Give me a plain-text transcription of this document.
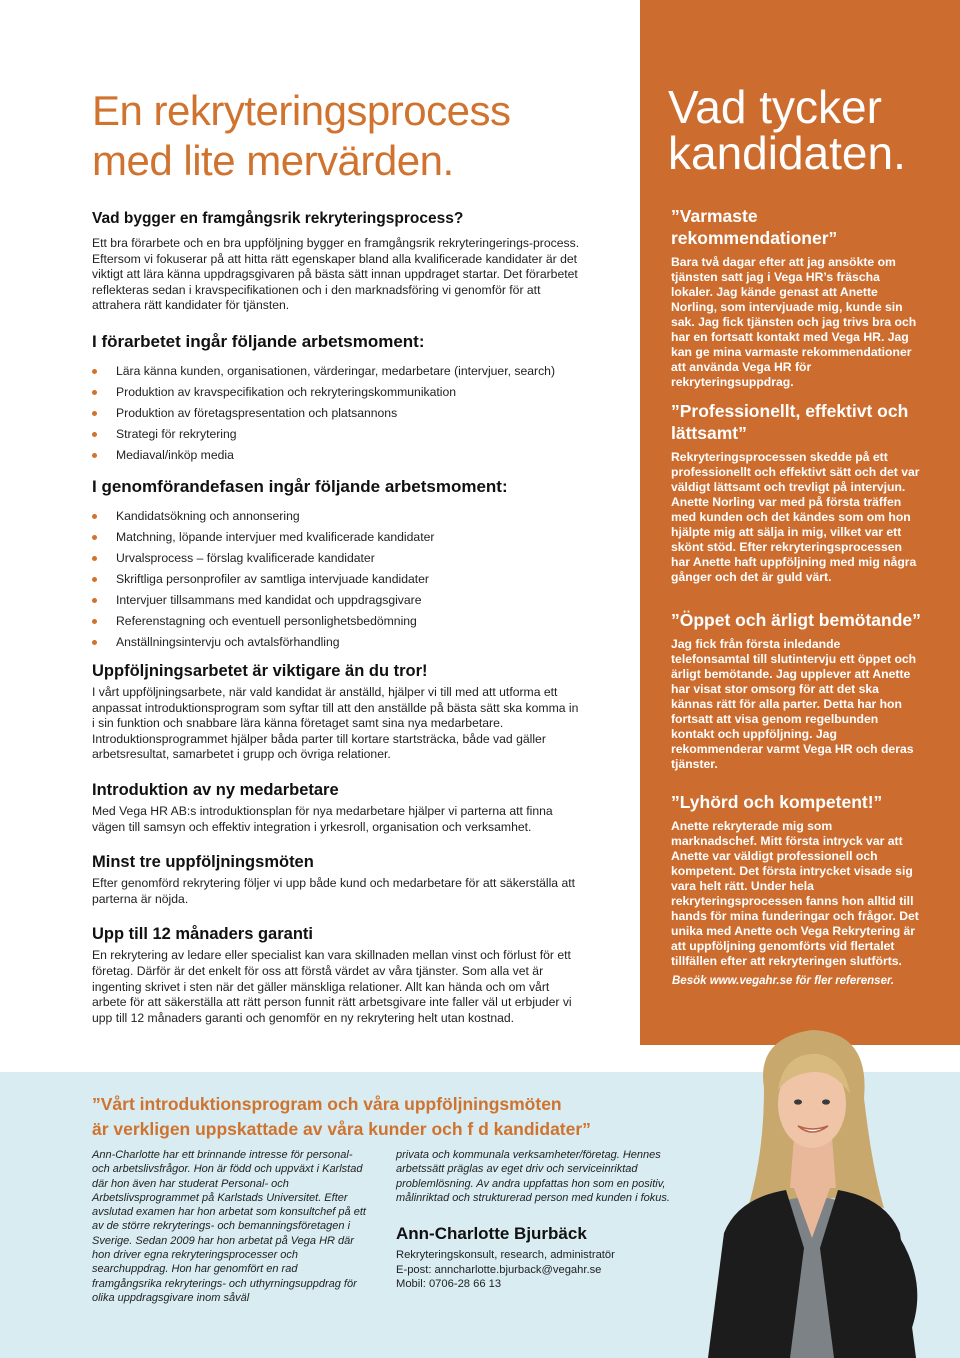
En rekryteringsprocess
med lite mervärden.
Vad bygger en framgångsrik rekryteringsprocess?

Ett bra förarbete och en bra uppföljning bygger en framgångsrik rekryteringerings-process. Eftersom vi fokuserar på att hitta rätt egenskaper bland alla kvalificerade kandidater är det viktigt att lära känna uppdragsgivaren på bästa sätt innan uppdraget startar. Det förarbetet reflekteras sedan i kravspecifikationen och i den marknadsföring vi genomför för att attrahera rätt kandidater för tjänsten.

I förarbetet ingår följande arbetsmoment:
Lära känna kunden, organisationen, värderingar, medarbetare (intervjuer, search)
Produktion av kravspecifikation och rekryteringskommunikation
Produktion av företagspresentation och platsannons
Strategi för rekrytering
Mediaval/inköp media
I genomförandefasen ingår följande arbetsmoment:
Kandidatsökning och annonsering
Matchning, löpande intervjuer med kvalificerade kandidater
Urvalsprocess – förslag kvalificerade kandidater
Skriftliga personprofiler av samtliga intervjuade kandidater
Intervjuer tillsammans med kandidat och uppdragsgivare
Referenstagning och eventuell personlighetsbedömning
Anställningsintervju och avtalsförhandling
Uppföljningsarbetet är viktigare än du tror!

I vårt uppföljningsarbete, när vald kandidat är anställd, hjälper vi till med att utforma ett anpassat introduktionsprogram som syftar till att den anställde på bästa sätt ska komma in i sin funktion och snabbare lära känna företaget samt sina nya medarbetare. Introduktionsprogrammet hjälper båda parter till kortare startsträcka, både vad gäller arbetsresultat, samarbetet i grupp och övriga relationer.

Introduktion av ny medarbetare

Med Vega HR AB:s introduktionsplan för nya medarbetare hjälper vi parterna att finna vägen till samsyn och effektiv integration i yrkesroll, organisation och verksamhet.

Minst tre uppföljningsmöten

Efter genomförd rekrytering följer vi upp både kund och medarbetare för att säkerställa att parterna är nöjda.

Upp till 12 månaders garanti

En rekrytering av ledare eller specialist kan vara skillnaden mellan vinst och förlust för ett företag. Därför är det enkelt för oss att förstå värdet av våra tjänster. Som alla vet är ingenting skrivet i sten när det gäller mänskliga relationer. Allt kan hända och om vårt arbete för att säkerställa att rätt person funnit rätt arbetsgivare inte faller väl ut erbjuder vi upp till 12 månaders garanti och genomför en ny rekrytering helt utan kostnad.

Vad tycker
kandidaten.
”Varmaste rekommendationer”

Bara två dagar efter att jag ansökte om tjänsten satt jag i Vega HR’s fräscha lokaler. Jag kände genast att Anette Norling, som intervjuade mig, kunde sin sak. Jag fick tjänsten och jag trivs bra och har en fortsatt kontakt med Vega HR. Jag kan ge mina varmaste rekommendationer att använda Vega HR för rekryteringsuppdrag.

”Professionellt, effektivt och lättsamt”

Rekryteringsprocessen skedde på ett professionellt och effektivt sätt och det var väldigt lättsamt och trevligt på intervjun. Anette Norling var med på första träffen med kunden och det kändes som om hon hjälpte mig att sälja in mig, vilket var ett skönt stöd. Efter rekryteringsprocessen har Anette haft uppföljning med mig några gånger och det är guld värt.

”Öppet och ärligt bemötande”

Jag fick från första inledande telefonsamtal till slutintervju ett öppet och ärligt bemötande. Jag upplever att Anette har visat stor omsorg för att det ska kännas rätt för alla parter. Detta har hon fortsatt att visa genom regelbunden kontakt och uppföljning. Jag rekommenderar varmt Vega HR och deras tjänster.

”Lyhörd och kompetent!”

Anette rekryterade mig som marknadschef. Mitt första intryck var att Anette var väldigt professionell och kompetent. Det första intrycket visade sig vara helt rätt. Under hela rekryteringsprocessen fanns hon alltid till hands för mina funderingar och frågor. Det unika med Anette och Vega Rekrytering är att uppföljning genomförts vid flertalet tillfällen efter att rekryteringen slutförts.

Besök www.vegahr.se för fler referenser.
”Vårt introduktionsprogram och våra uppföljningsmöten
är verkligen uppskattade av våra kunder och f d kandidater”

Ann-Charlotte har ett brinnande intresse för personal- och arbetslivsfrågor. Hon är född och uppväxt i Karlstad där hon även har studerat Personal- och Arbetslivsprogrammet på Karlstads Universitet. Efter avslutad examen har hon arbetat som konsultchef på ett av de större rekryterings- och bemanningsföretagen i Sverige. Sedan 2009 har hon arbetat på Vega HR där hon driver egna rekryteringsprocesser och searchuppdrag. Hon har genomfört en rad framgångsrika rekryterings- och uthyrningsuppdrag för olika uppdragsgivare inom såväl

privata och kommunala verksamheter/företag. Hennes arbetssätt präglas av eget driv och serviceinriktad problemlösning. Av andra uppfattas hon som en positiv, målinriktad och strukturerad person med kunden i fokus.

Ann-Charlotte Bjurbäck
Rekryteringskonsult, research, administratör
E-post: anncharlotte.bjurback@vegahr.se
Mobil: 0706-28 66 13
